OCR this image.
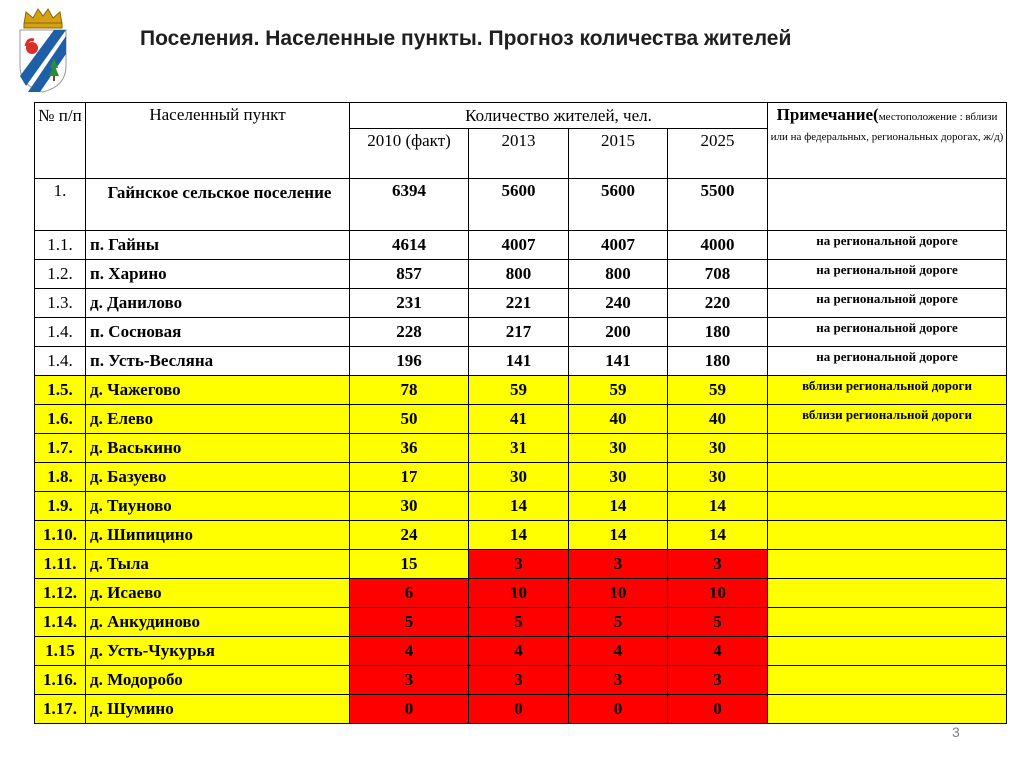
Поселения. Населенные пункты. Прогноз количества жителей
№ п/п	Населенный пункт	Количество жителей, чел.				Примечание(местоположение : вблизи или на федеральных, региональных дорогах, ж/д)
		2010 (факт)	2013	2015	2025	
1.	Гайнское сельское поселение	6394	5600	5600	5500	
1.1.	п. Гайны	4614	4007	4007	4000	на региональной дороге
1.2.	п. Харино	857	800	800	708	на региональной дороге
1.3.	д. Данилово	231	221	240	220	на региональной дороге
1.4.	п. Сосновая	228	217	200	180	на региональной дороге
1.4.	п. Усть-Весляна	196	141	141	180	на региональной дороге
1.5.	д. Чажегово	78	59	59	59	вблизи региональной дороги
1.6.	д. Елево	50	41	40	40	вблизи региональной дороги
1.7.	д. Васькино	36	31	30	30	
1.8.	д. Базуево	17	30	30	30	
1.9.	д. Тиуново	30	14	14	14	
1.10.	д. Шипицино	24	14	14	14	
1.11.	д. Тыла	15	3	3	3	
1.12.	д. Исаево	6	10	10	10	
1.14.	д. Анкудиново	5	5	5	5	
1.15	д. Усть-Чукурья	4	4	4	4	
1.16.	д. Модоробо	3	3	3	3	
1.17.	д. Шумино	0	0	0	0	
3
